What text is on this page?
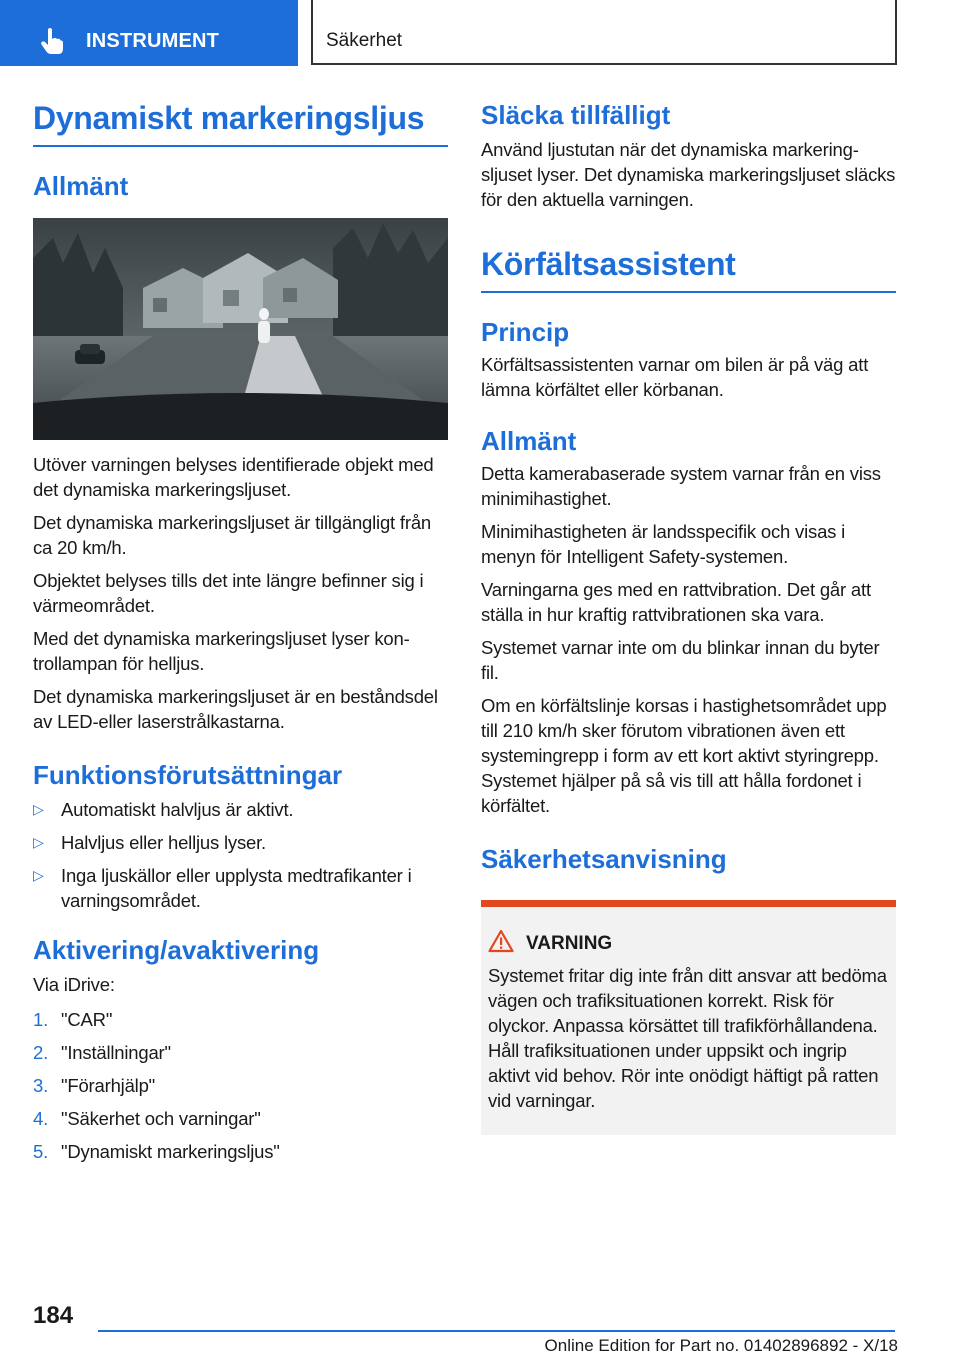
INSTRUMENT	Säkerhet
Dynamiskt markeringsljus
Allmänt

Utöver varningen belyses identifierade objekt med det dynamiska markeringsljuset.

Det dynamiska markeringsljuset är tillgängligt från ca 20 km/h.

Objektet belyses tills det inte längre befinner sig i värmeområdet.

Med det dynamiska markeringsljuset lyser kontrollampan för helljus.

Det dynamiska markeringsljuset är en beståndsdel av LED-eller laserstrålkastarna.

Funktionsförutsättningar
▷ Automatiskt halvljus är aktivt.
▷ Halvljus eller helljus lyser.
▷ Inga ljuskällor eller upplysta medtrafikanter i varningsområdet.
Aktivering/avaktivering

Via iDrive:

1. "CAR"
2. "Inställningar"
3. "Förarhjälp"
4. "Säkerhet och varningar"
5. "Dynamiskt markeringsljus"
Släcka tillfälligt

Använd ljustutan när det dynamiska markeringsljuset lyser. Det dynamiska markeringsljuset släcks för den aktuella varningen.

Körfältsassistent
Princip

Körfältsassistenten varnar om bilen är på väg att lämna körfältet eller körbanan.

Allmänt

Detta kamerabaserade system varnar från en viss minimihastighet.

Minimihastigheten är landsspecifik och visas i menyn för Intelligent Safety-systemen.

Varningarna ges med en rattvibration. Det går att ställa in hur kraftig rattvibrationen ska vara.

Systemet varnar inte om du blinkar innan du byter fil.

Om en körfältslinje korsas i hastighetsområdet upp till 210 km/h sker förutom vibrationen även ett systemingrepp i form av ett kort aktivt styringrepp. Systemet hjälper på så vis till att hålla fordonet i körfältet.

Säkerhetsanvisning
VARNING

Systemet fritar dig inte från ditt ansvar att bedöma vägen och trafiksituationen korrekt. Risk för olyckor. Anpassa körsättet till trafikförhållandena. Håll trafiksituationen under uppsikt och ingrip aktivt vid behov. Rör inte onödigt häftigt på ratten vid varningar.

184
Online Edition for Part no. 01402896892 - X/18
